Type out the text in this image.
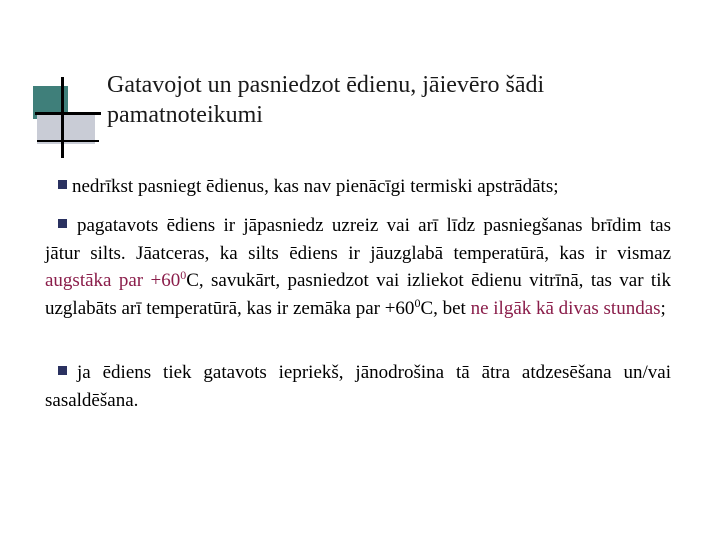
Gatavojot un pasniedzot ēdienu, jāievēro šādi
pamatnoteikumi

nedrīkst pasniegt ēdienus, kas nav pienācīgi termiski apstrādāts;

pagatavots ēdiens ir jāpasniedz uzreiz vai arī līdz pasniegšanas brīdim tas jātur silts. Jāatceras, ka silts ēdiens ir jāuzglabā temperatūrā, kas ir vismaz augstāka par $+60^0C$, savukārt, pasniedzot vai izliekot ēdienu vitrīnā, tas var tik uzglabāts arī temperatūrā, kas ir zemāka par $+60^0C$, bet ne ilgāk kā divas stundas;

ja ēdiens tiek gatavots iepriekš, jānodrošina tā ātra atdzesēšana un/vai sasaldēšana.
